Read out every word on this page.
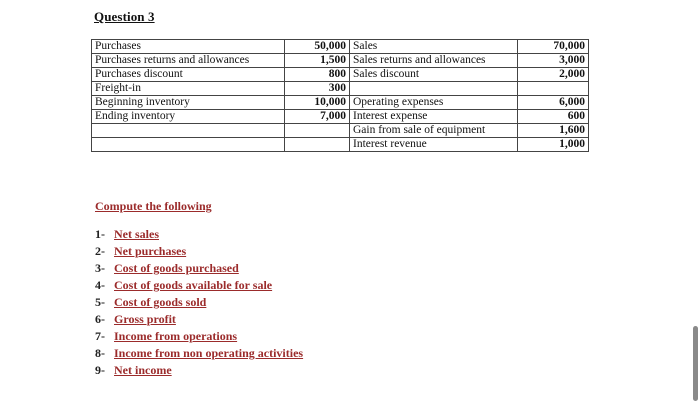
Question 3
Purchases	50,000	Sales	70,000
Purchases returns and allowances	1,500	Sales returns and allowances	3,000
Purchases discount	800	Sales discount	2,000
Freight-in	300		
Beginning inventory	10,000	Operating expenses	6,000
Ending inventory	7,000	Interest expense	600
		Gain from sale of equipment	1,600
		Interest revenue	1,000
Compute the following
1- Net sales
2- Net purchases
3- Cost of goods purchased
4- Cost of goods available for sale
5- Cost of goods sold
6- Gross profit
7- Income from operations
8- Income from non operating activities
9- Net income
